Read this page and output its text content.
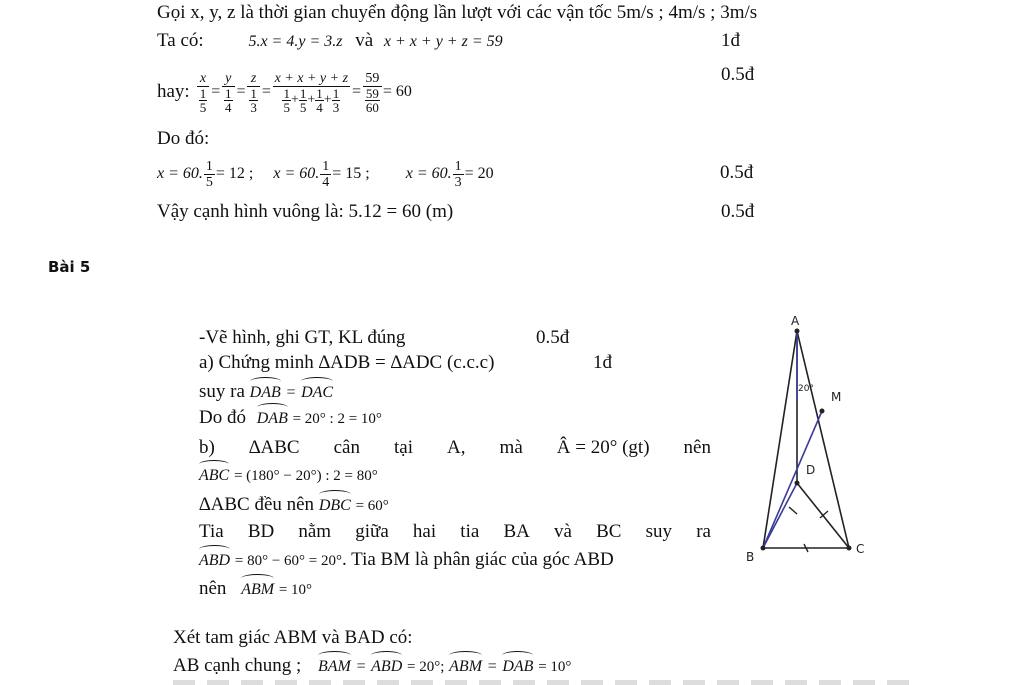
Gọi x, y, z là thời gian chuyển động lần lượt với các vận tốc 5m/s ; 4m/s ; 3m/s
Ta có:	5.x = 4.y = 3.z và x + x + y + z = 59	1đ
hay: $\frac{x}{\frac{1}{5}} = \frac{y}{\frac{1}{4}} = \frac{z}{\frac{1}{3}} = \frac{x + x + y + z}{\frac{1}{5} + \frac{1}{5} + \frac{1}{4} + \frac{1}{3}} = \frac{59}{\frac{59}{60}} = 60$
0.5đ
Do đó:
x = 60. $\frac{1}{5} = 12$ ; x = 60. $\frac{1}{4} = 15$ ; x = 60. $\frac{1}{3} = 20$	0.5đ
Vậy cạnh hình vuông là: 5.12 = 60 (m)	0.5đ
Bài 5
-Vẽ hình, ghi GT, KL đúng	0.5đ
a) Chứng minh ∆ADB = ∆ADC (c.c.c)	1đ
suy ra DAB = DAC
Do đó DAB = 20° : 2 = 10°
b) ∆ABC cân tại A, mà Â = 20° (gt) nên
ABC = (180° − 20°) : 2 = 80°
∆ABC đều nên DBC = 60°
Tia BD nằm giữa hai tia BA và BC suy ra
ABD = 80° − 60° = 20°. Tia BM là phân giác của góc ABD
nên ABM = 10°
Xét tam giác ABM và BAD có:
AB cạnh chung ; BAM = ABD = 20°; ABM = DAB = 10°
A
B
C
D
M
20°
